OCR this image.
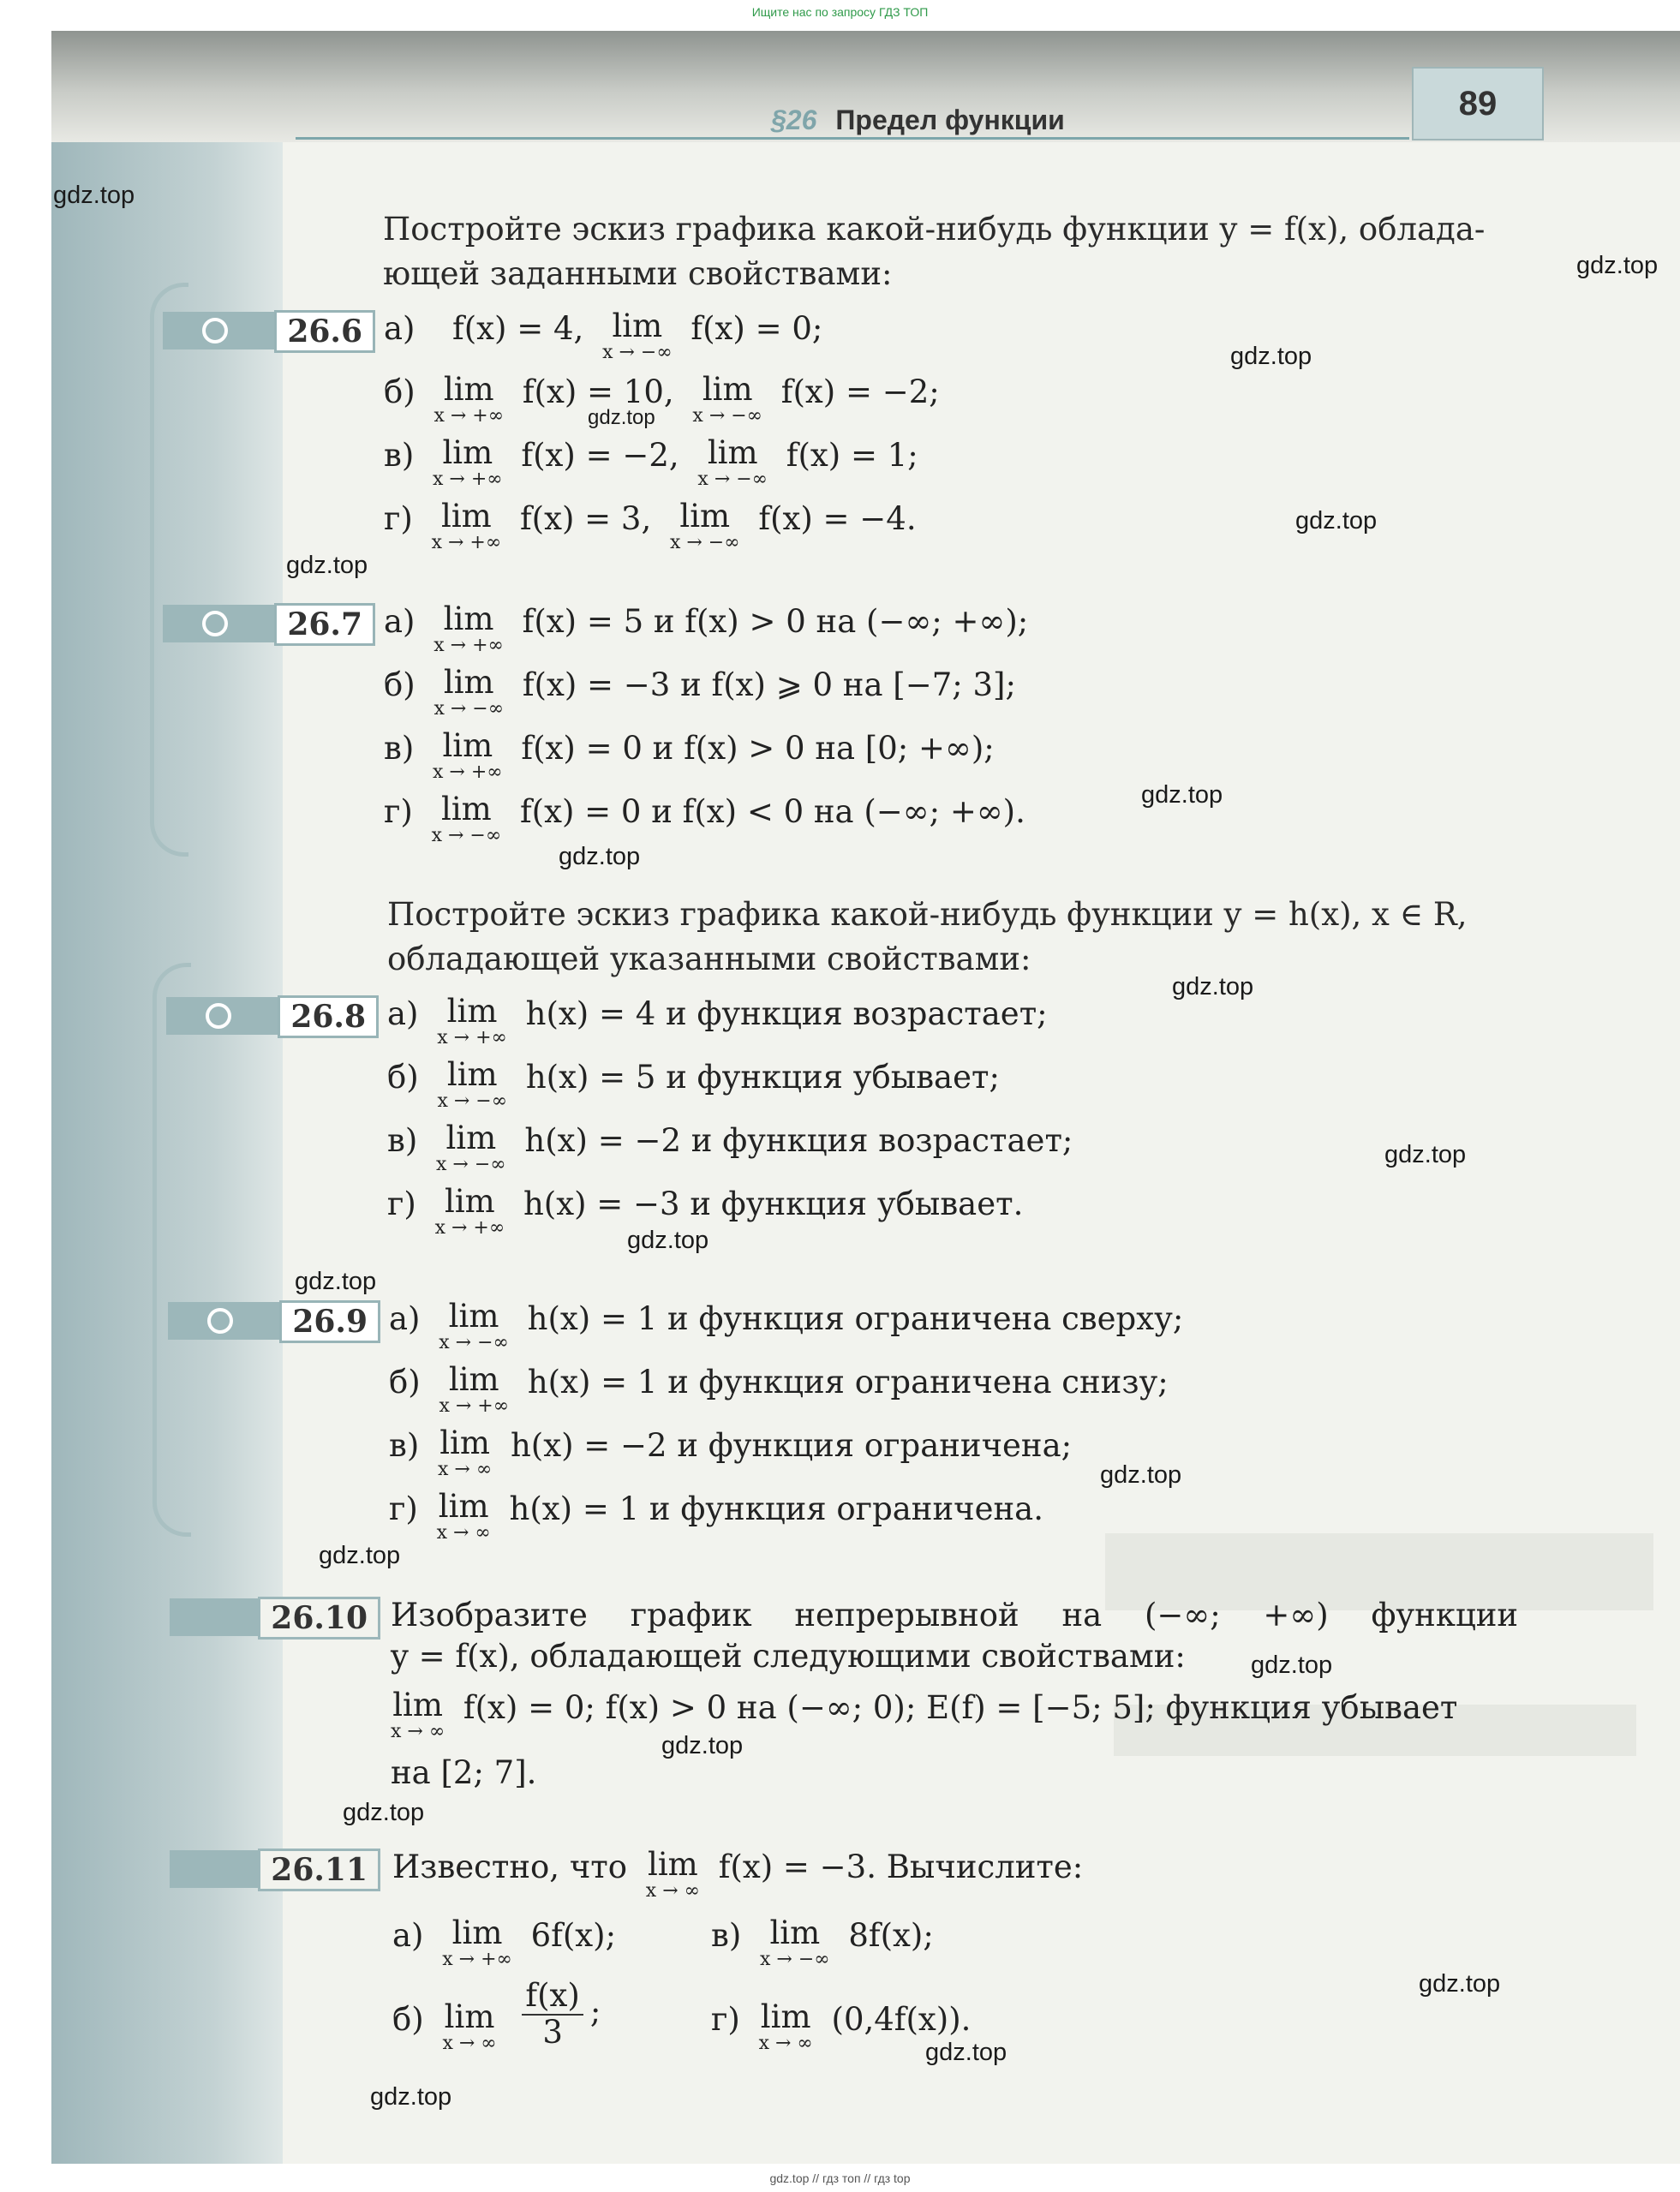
Ищите нас по запросу ГДЗ ТОП
§26 Предел функции	89
Постройте эскиз графика какой-нибудь функции y = f(x), облада-
ющей заданными свойствами:
26.6 а) f(x) = 4, lim
x → −∞
f(x) = 0;
б) lim
x → +∞
f(x) = 10, lim
x → −∞
f(x) = −2;
в) lim
x → +∞
f(x) = −2, lim
x → −∞
f(x) = 1;
г) lim
x → +∞
f(x) = 3, lim
x → −∞
f(x) = −4.
26.7 а) lim
x → +∞
f(x) = 5 и f(x) > 0 на (−∞; +∞);
б) lim
x → −∞
f(x) = −3 и f(x) ⩾ 0 на [−7; 3];
в) lim
x → +∞
f(x) = 0 и f(x) > 0 на [0; +∞);
г) lim
x → −∞
f(x) = 0 и f(x) < 0 на (−∞; +∞).
Постройте эскиз графика какой-нибудь функции y = h(x), x ∈ R,
обладающей указанными свойствами:
26.8 а) lim
x → +∞
h(x) = 4 и функция возрастает;
б) lim
x → −∞
h(x) = 5 и функция убывает;
в) lim
x → −∞
h(x) = −2 и функция возрастает;
г) lim
x → +∞
h(x) = −3 и функция убывает.
26.9 а) lim
x → −∞
h(x) = 1 и функция ограничена сверху;
б) lim
x → +∞
h(x) = 1 и функция ограничена снизу;
в) lim
x → ∞
h(x) = −2 и функция ограничена;
г) lim
x → ∞
h(x) = 1 и функция ограничена.
26.10 Изобразите график непрерывной на (−∞; +∞) функции
y = f(x), обладающей следующими свойствами:
lim
x → ∞
f(x) = 0; f(x) > 0 на (−∞; 0); E(f) = [−5; 5]; функция убывает
на [2; 7].
26.11 Известно, что lim
x → ∞
f(x) = −3. Вычислите:
а) lim
x → +∞
6f(x);	в) lim
x → −∞
8f(x);
б) lim
x → ∞
$\frac{f(x)}{3}$ ;	г) lim
x → ∞
(0,4f(x)).
gdz.top
gdz.top
gdz.top
gdz.top
gdz.top
gdz.top
gdz.top
gdz.top
gdz.top
gdz.top
gdz.top
gdz.top
gdz.top
gdz.top
gdz.top
gdz.top
gdz.top
gdz.top
gdz.top
gdz.top
gdz.top // гдз топ // гдз top
